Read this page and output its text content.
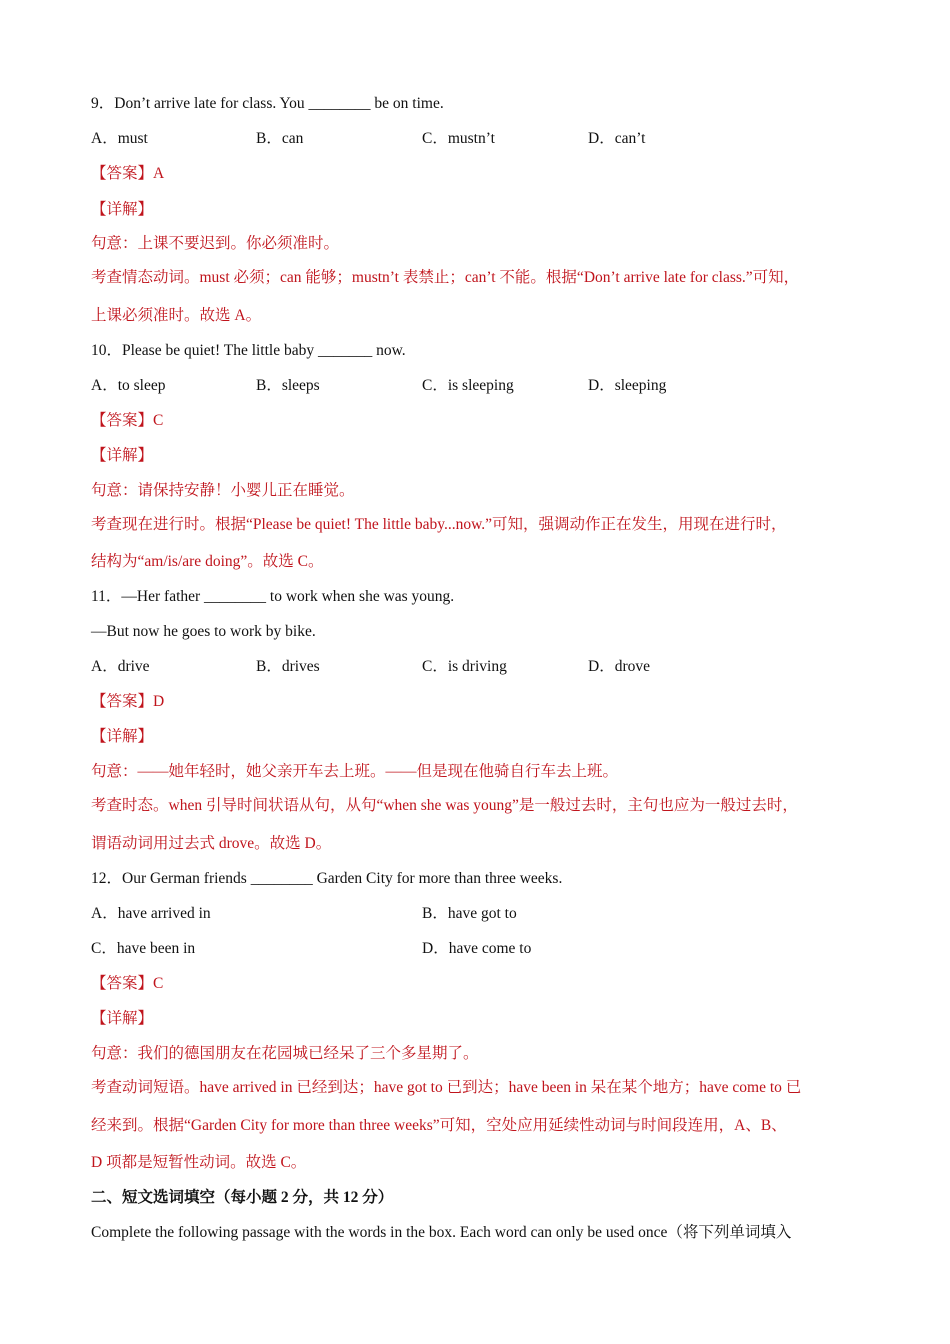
9．Don’t arrive late for class. You ________ be on time.
A．must	B．can	C．mustn’t	D．can’t
【答案】A
【详解】
句意：上课不要迟到。你必须准时。
考查情态动词。must 必须；can 能够；mustn’t 表禁止；can’t 不能。根据“Don’t arrive late for class.”可知，
上课必须准时。故选 A。
10．Please be quiet! The little baby _______ now.
A．to sleep	B．sleeps	C．is sleeping	D．sleeping
【答案】C
【详解】
句意：请保持安静！小婴儿正在睡觉。
考查现在进行时。根据“Please be quiet! The little baby...now.”可知，强调动作正在发生，用现在进行时，
结构为“am/is/are doing”。故选 C。
11．—Her father ________ to work when she was young.
—But now he goes to work by bike.
A．drive	B．drives	C．is driving	D．drove
【答案】D
【详解】
句意：——她年轻时，她父亲开车去上班。——但是现在他骑自行车去上班。
考查时态。when 引导时间状语从句，从句“when she was young”是一般过去时，主句也应为一般过去时，
谓语动词用过去式 drove。故选 D。
12．Our German friends ________ Garden City for more than three weeks.
A．have arrived in	B．have got to
C．have been in	D．have come to
【答案】C
【详解】
句意：我们的德国朋友在花园城已经呆了三个多星期了。
考查动词短语。have arrived in 已经到达；have got to 已到达；have been in 呆在某个地方；have come to 已
经来到。根据“Garden City for more than three weeks”可知，空处应用延续性动词与时间段连用，A、B、
D 项都是短暂性动词。故选 C。
二、短文选词填空（每小题 2 分，共 12 分）
Complete the following passage with the words in the box. Each word can only be used once（将下列单词填入
